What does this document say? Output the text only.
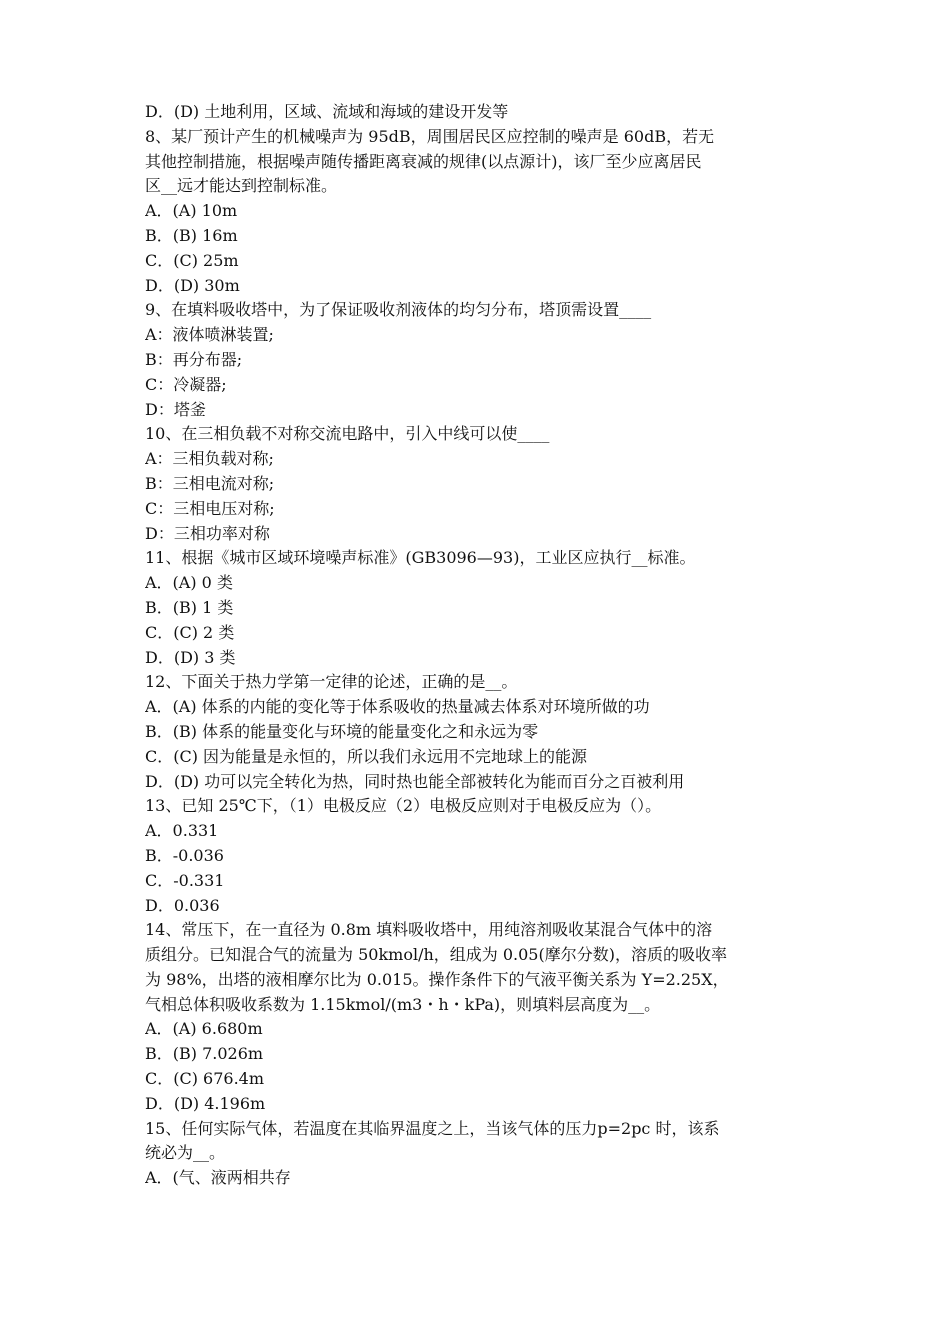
D．(D) 土地利用，区域、流域和海域的建设开发等
8、某厂预计产生的机械噪声为 95dB，周围居民区应控制的噪声是 60dB，若无
其他控制措施，根据噪声随传播距离衰减的规律(以点源计)，该厂至少应离居民
区__远才能达到控制标准。
A．(A) 10m
B．(B) 16m
C．(C) 25m
D．(D) 30m
9、在填料吸收塔中，为了保证吸收剂液体的均匀分布，塔顶需设置____
A：液体喷淋装置;
B：再分布器;
C：冷凝器;
D：塔釜
10、在三相负载不对称交流电路中，引入中线可以使____
A：三相负载对称;
B：三相电流对称;
C：三相电压对称;
D：三相功率对称
11、根据《城市区域环境噪声标准》(GB3096—93)，工业区应执行__标准。
A．(A) 0 类
B．(B) 1 类
C．(C) 2 类
D．(D) 3 类
12、下面关于热力学第一定律的论述，正确的是__。
A．(A) 体系的内能的变化等于体系吸收的热量减去体系对环境所做的功
B．(B) 体系的能量变化与环境的能量变化之和永远为零
C．(C) 因为能量是永恒的，所以我们永远用不完地球上的能源
D．(D) 功可以完全转化为热，同时热也能全部被转化为能而百分之百被利用
13、已知 25℃下，（1）电极反应（2）电极反应则对于电极反应为（）。
A．0.331
B．-0.036
C．-0.331
D．0.036
14、常压下，在一直径为 0.8m 填料吸收塔中，用纯溶剂吸收某混合气体中的溶
质组分。已知混合气的流量为 50kmol/h，组成为 0.05(摩尔分数)，溶质的吸收率
为 98%，出塔的液相摩尔比为 0.015。操作条件下的气液平衡关系为 Y=2.25X，
气相总体积吸收系数为 1.15kmol/(m3・h・kPa)，则填料层高度为__。
A．(A) 6.680m
B．(B) 7.026m
C．(C) 676.4m
D．(D) 4.196m
15、任何实际气体，若温度在其临界温度之上，当该气体的压力p=2pc 时，该系
统必为__。
A．(气、液两相共存
